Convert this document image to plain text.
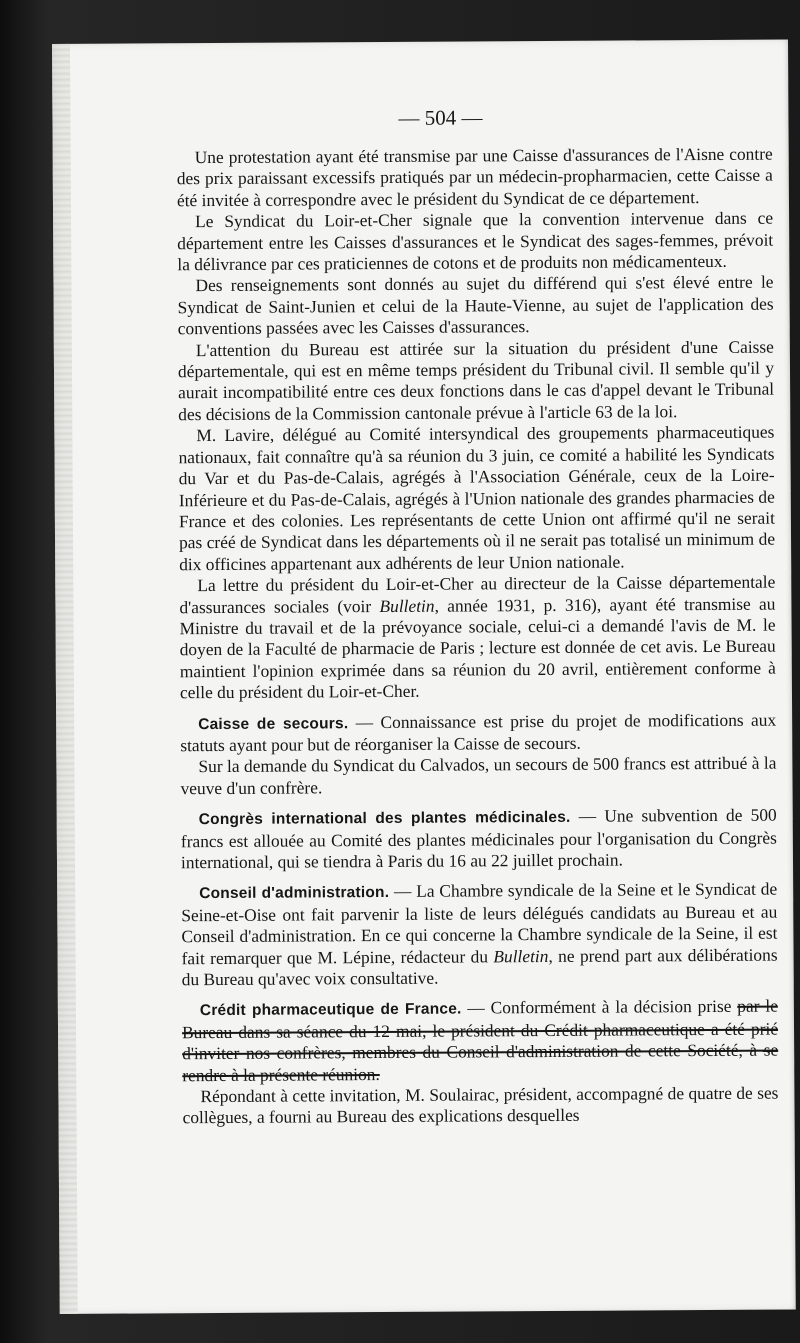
— 504 —

Une protestation ayant été transmise par une Caisse d'assurances de l'Aisne contre des prix paraissant excessifs pratiqués par un médecin-propharmacien, cette Caisse a été invitée à correspondre avec le président du Syndicat de ce département.

Le Syndicat du Loir-et-Cher signale que la convention intervenue dans ce département entre les Caisses d'assurances et le Syndicat des sages-femmes, prévoit la délivrance par ces praticiennes de cotons et de produits non médicamenteux.

Des renseignements sont donnés au sujet du différend qui s'est élevé entre le Syndicat de Saint-Junien et celui de la Haute-Vienne, au sujet de l'application des conventions passées avec les Caisses d'assurances.

L'attention du Bureau est attirée sur la situation du président d'une Caisse départementale, qui est en même temps président du Tribunal civil. Il semble qu'il y aurait incompatibilité entre ces deux fonctions dans le cas d'appel devant le Tribunal des décisions de la Commission cantonale prévue à l'article 63 de la loi.

M. Lavire, délégué au Comité intersyndical des groupements pharmaceutiques nationaux, fait connaître qu'à sa réunion du 3 juin, ce comité a habilité les Syndicats du Var et du Pas-de-Calais, agrégés à l'Association Générale, ceux de la Loire-Inférieure et du Pas-de-Calais, agrégés à l'Union nationale des grandes pharmacies de France et des colonies. Les représentants de cette Union ont affirmé qu'il ne serait pas créé de Syndicat dans les départements où il ne serait pas totalisé un minimum de dix officines appartenant aux adhérents de leur Union nationale.

La lettre du président du Loir-et-Cher au directeur de la Caisse départementale d'assurances sociales (voir Bulletin, année 1931, p. 316), ayant été transmise au Ministre du travail et de la prévoyance sociale, celui-ci a demandé l'avis de M. le doyen de la Faculté de pharmacie de Paris ; lecture est donnée de cet avis. Le Bureau maintient l'opinion exprimée dans sa réunion du 20 avril, entièrement conforme à celle du président du Loir-et-Cher.

Caisse de secours. — Connaissance est prise du projet de modifications aux statuts ayant pour but de réorganiser la Caisse de secours.

Sur la demande du Syndicat du Calvados, un secours de 500 francs est attribué à la veuve d'un confrère.

Congrès international des plantes médicinales. — Une subvention de 500 francs est allouée au Comité des plantes médicinales pour l'organisation du Congrès international, qui se tiendra à Paris du 16 au 22 juillet prochain.

Conseil d'administration. — La Chambre syndicale de la Seine et le Syndicat de Seine-et-Oise ont fait parvenir la liste de leurs délégués candidats au Bureau et au Conseil d'administration. En ce qui concerne la Chambre syndicale de la Seine, il est fait remarquer que M. Lépine, rédacteur du Bulletin, ne prend part aux délibérations du Bureau qu'avec voix consultative.

Crédit pharmaceutique de France. — Conformément à la décision prise par le Bureau dans sa séance du 12 mai, le président du Crédit pharmaceutique a été prié d'inviter nos confrères, membres du Conseil d'administration de cette Société, à se rendre à la présente réunion.

Répondant à cette invitation, M. Soulairac, président, accompagné de quatre de ses collègues, a fourni au Bureau des explications desquelles
